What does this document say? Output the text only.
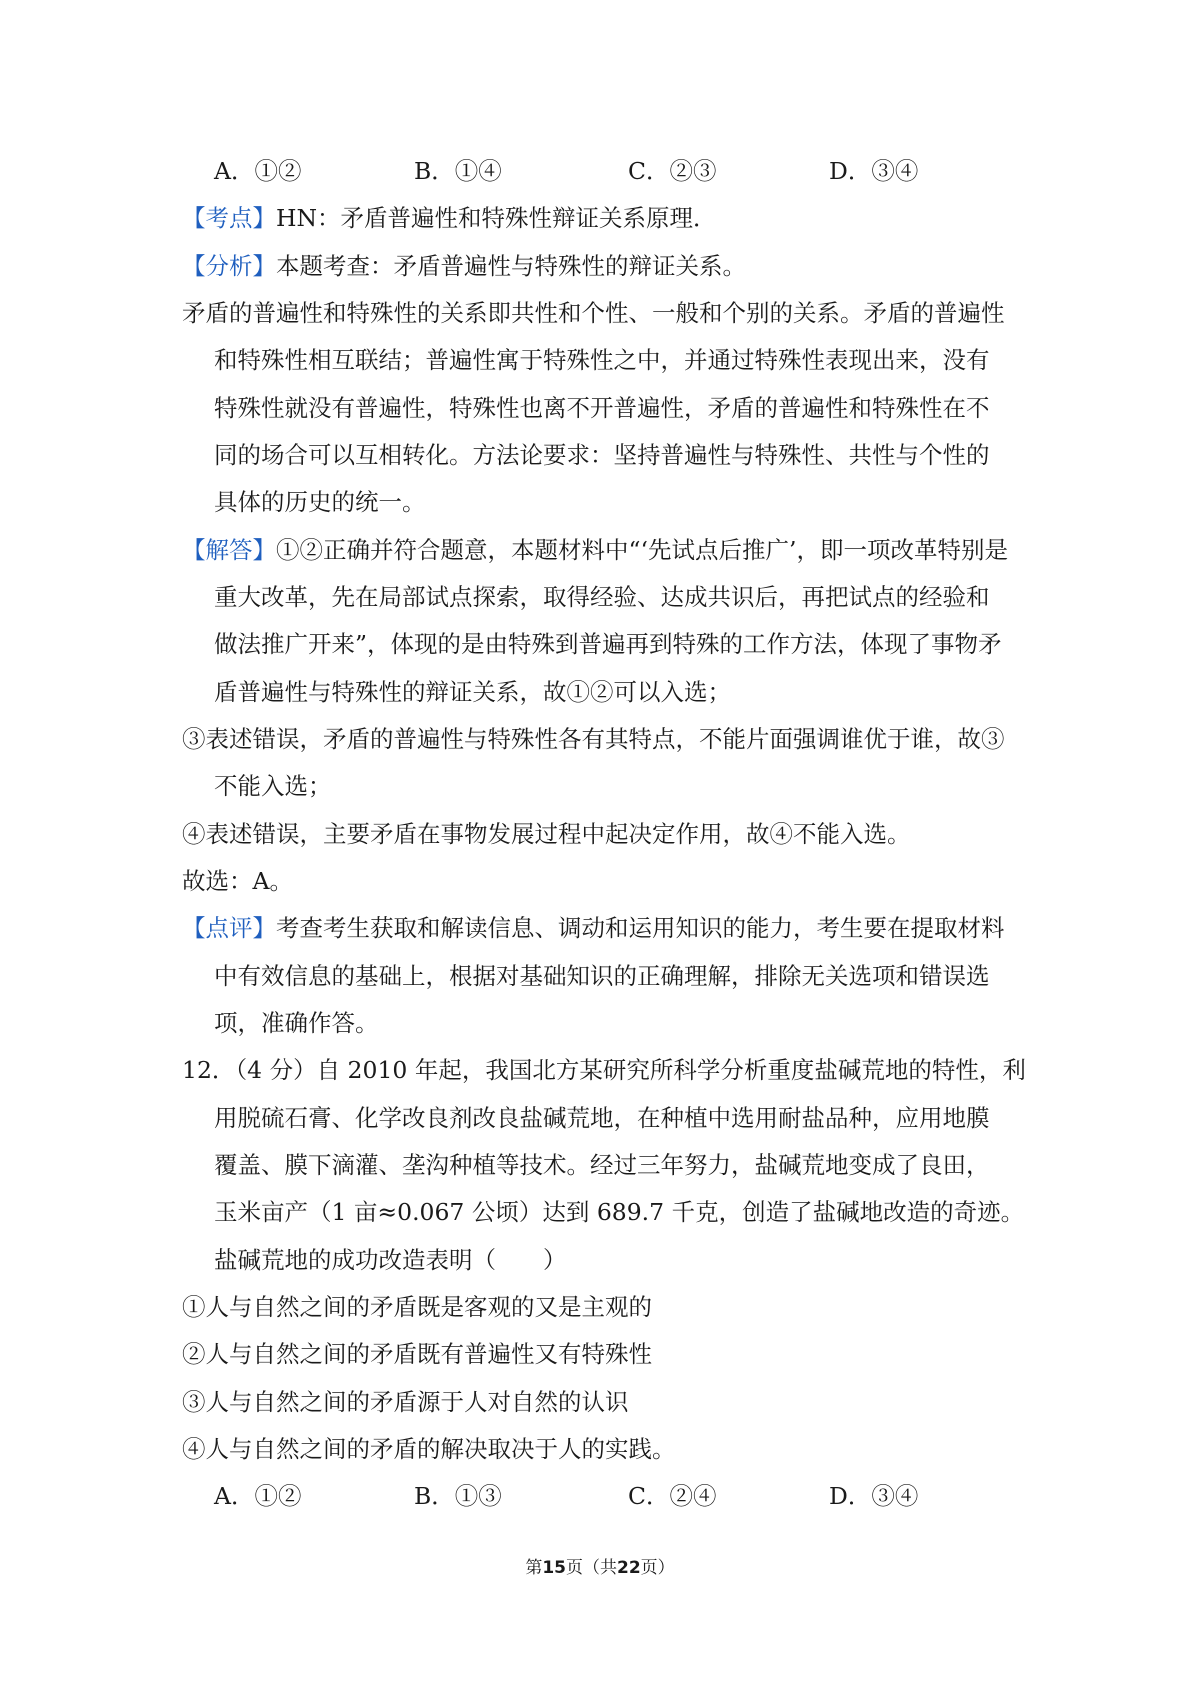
A．①②	B．①④	C．②③	D．③④
【考点】HN：矛盾普遍性和特殊性辩证关系原理．
【分析】本题考查：矛盾普遍性与特殊性的辩证关系。
矛盾的普遍性和特殊性的关系即共性和个性、一般和个别的关系。矛盾的普遍性
和特殊性相互联结；普遍性寓于特殊性之中，并通过特殊性表现出来，没有
特殊性就没有普遍性，特殊性也离不开普遍性，矛盾的普遍性和特殊性在不
同的场合可以互相转化。方法论要求：坚持普遍性与特殊性、共性与个性的
具体的历史的统一。
【解答】①②正确并符合题意，本题材料中“‘先试点后推广’，即一项改革特别是
重大改革，先在局部试点探索，取得经验、达成共识后，再把试点的经验和
做法推广开来”，体现的是由特殊到普遍再到特殊的工作方法，体现了事物矛
盾普遍性与特殊性的辩证关系，故①②可以入选；
③表述错误，矛盾的普遍性与特殊性各有其特点，不能片面强调谁优于谁，故③
不能入选；
④表述错误，主要矛盾在事物发展过程中起决定作用，故④不能入选。
故选：A。
【点评】考查考生获取和解读信息、调动和运用知识的能力，考生要在提取材料
中有效信息的基础上，根据对基础知识的正确理解，排除无关选项和错误选
项，准确作答。
12．（4 分）自 2010 年起，我国北方某研究所科学分析重度盐碱荒地的特性，利
用脱硫石膏、化学改良剂改良盐碱荒地，在种植中选用耐盐品种，应用地膜
覆盖、膜下滴灌、垄沟种植等技术。经过三年努力，盐碱荒地变成了良田，
玉米亩产（1 亩≈0.067 公顷）达到 689.7 千克，创造了盐碱地改造的奇迹。
盐碱荒地的成功改造表明（　　）
①人与自然之间的矛盾既是客观的又是主观的
②人与自然之间的矛盾既有普遍性又有特殊性
③人与自然之间的矛盾源于人对自然的认识
④人与自然之间的矛盾的解决取决于人的实践。
A．①②	B．①③	C．②④	D．③④
第15页（共22页）
